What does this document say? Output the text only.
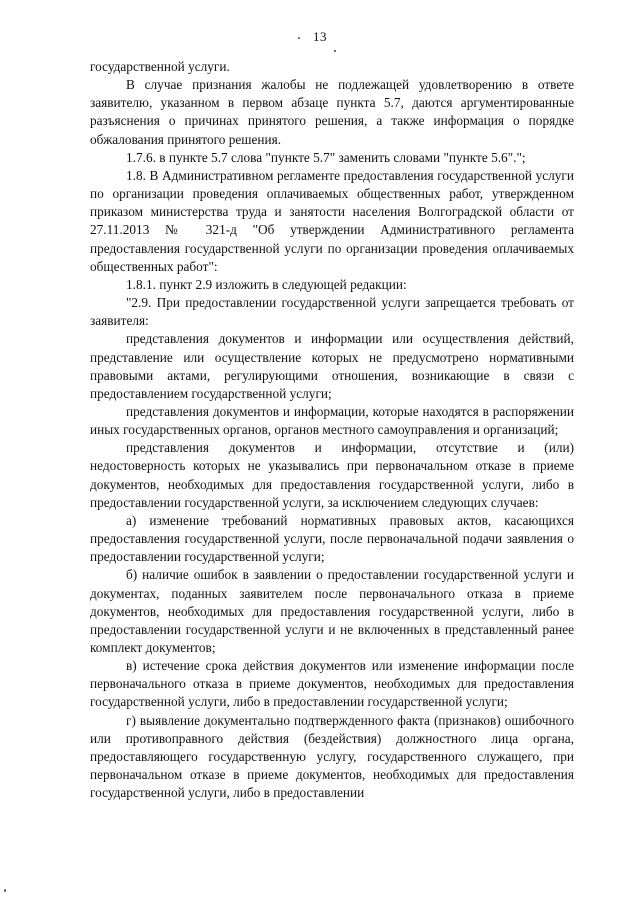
13

государственной услуги.

В случае признания жалобы не подлежащей удовлетворению в ответе заявителю, указанном в первом абзаце пункта 5.7, даются аргументированные разъяснения о причинах принятого решения, а также информация о порядке обжалования принятого решения.

1.7.6. в пункте 5.7 слова "пункте 5.7" заменить словами "пункте 5.6".";

1.8. В Административном регламенте предоставления государственной услуги по организации проведения оплачиваемых общественных работ, утвержденном приказом министерства труда и занятости населения Волгоградской области от 27.11.2013 № 321-д "Об утверждении Административного регламента предоставления государственной услуги по организации проведения оплачиваемых общественных работ":

1.8.1. пункт 2.9 изложить в следующей редакции:

"2.9. При предоставлении государственной услуги запрещается требовать от заявителя:

представления документов и информации или осуществления действий, представление или осуществление которых не предусмотрено нормативными правовыми актами, регулирующими отношения, возникающие в связи с предоставлением государственной услуги;

представления документов и информации, которые находятся в распоряжении иных государственных органов, органов местного самоуправления и организаций;

представления документов и информации, отсутствие и (или) недостоверность которых не указывались при первоначальном отказе в приеме документов, необходимых для предоставления государственной услуги, либо в предоставлении государственной услуги, за исключением следующих случаев:

а) изменение требований нормативных правовых актов, касающихся предоставления государственной услуги, после первоначальной подачи заявления о предоставлении государственной услуги;

б) наличие ошибок в заявлении о предоставлении государственной услуги и документах, поданных заявителем после первоначального отказа в приеме документов, необходимых для предоставления государственной услуги, либо в предоставлении государственной услуги и не включенных в представленный ранее комплект документов;

в) истечение срока действия документов или изменение информации после первоначального отказа в приеме документов, необходимых для предоставления государственной услуги, либо в предоставлении государственной услуги;

г) выявление документально подтвержденного факта (признаков) ошибочного или противоправного действия (бездействия) должностного лица органа, предоставляющего государственную услугу, государственного служащего, при первоначальном отказе в приеме документов, необходимых для предоставления государственной услуги, либо в предоставлении
